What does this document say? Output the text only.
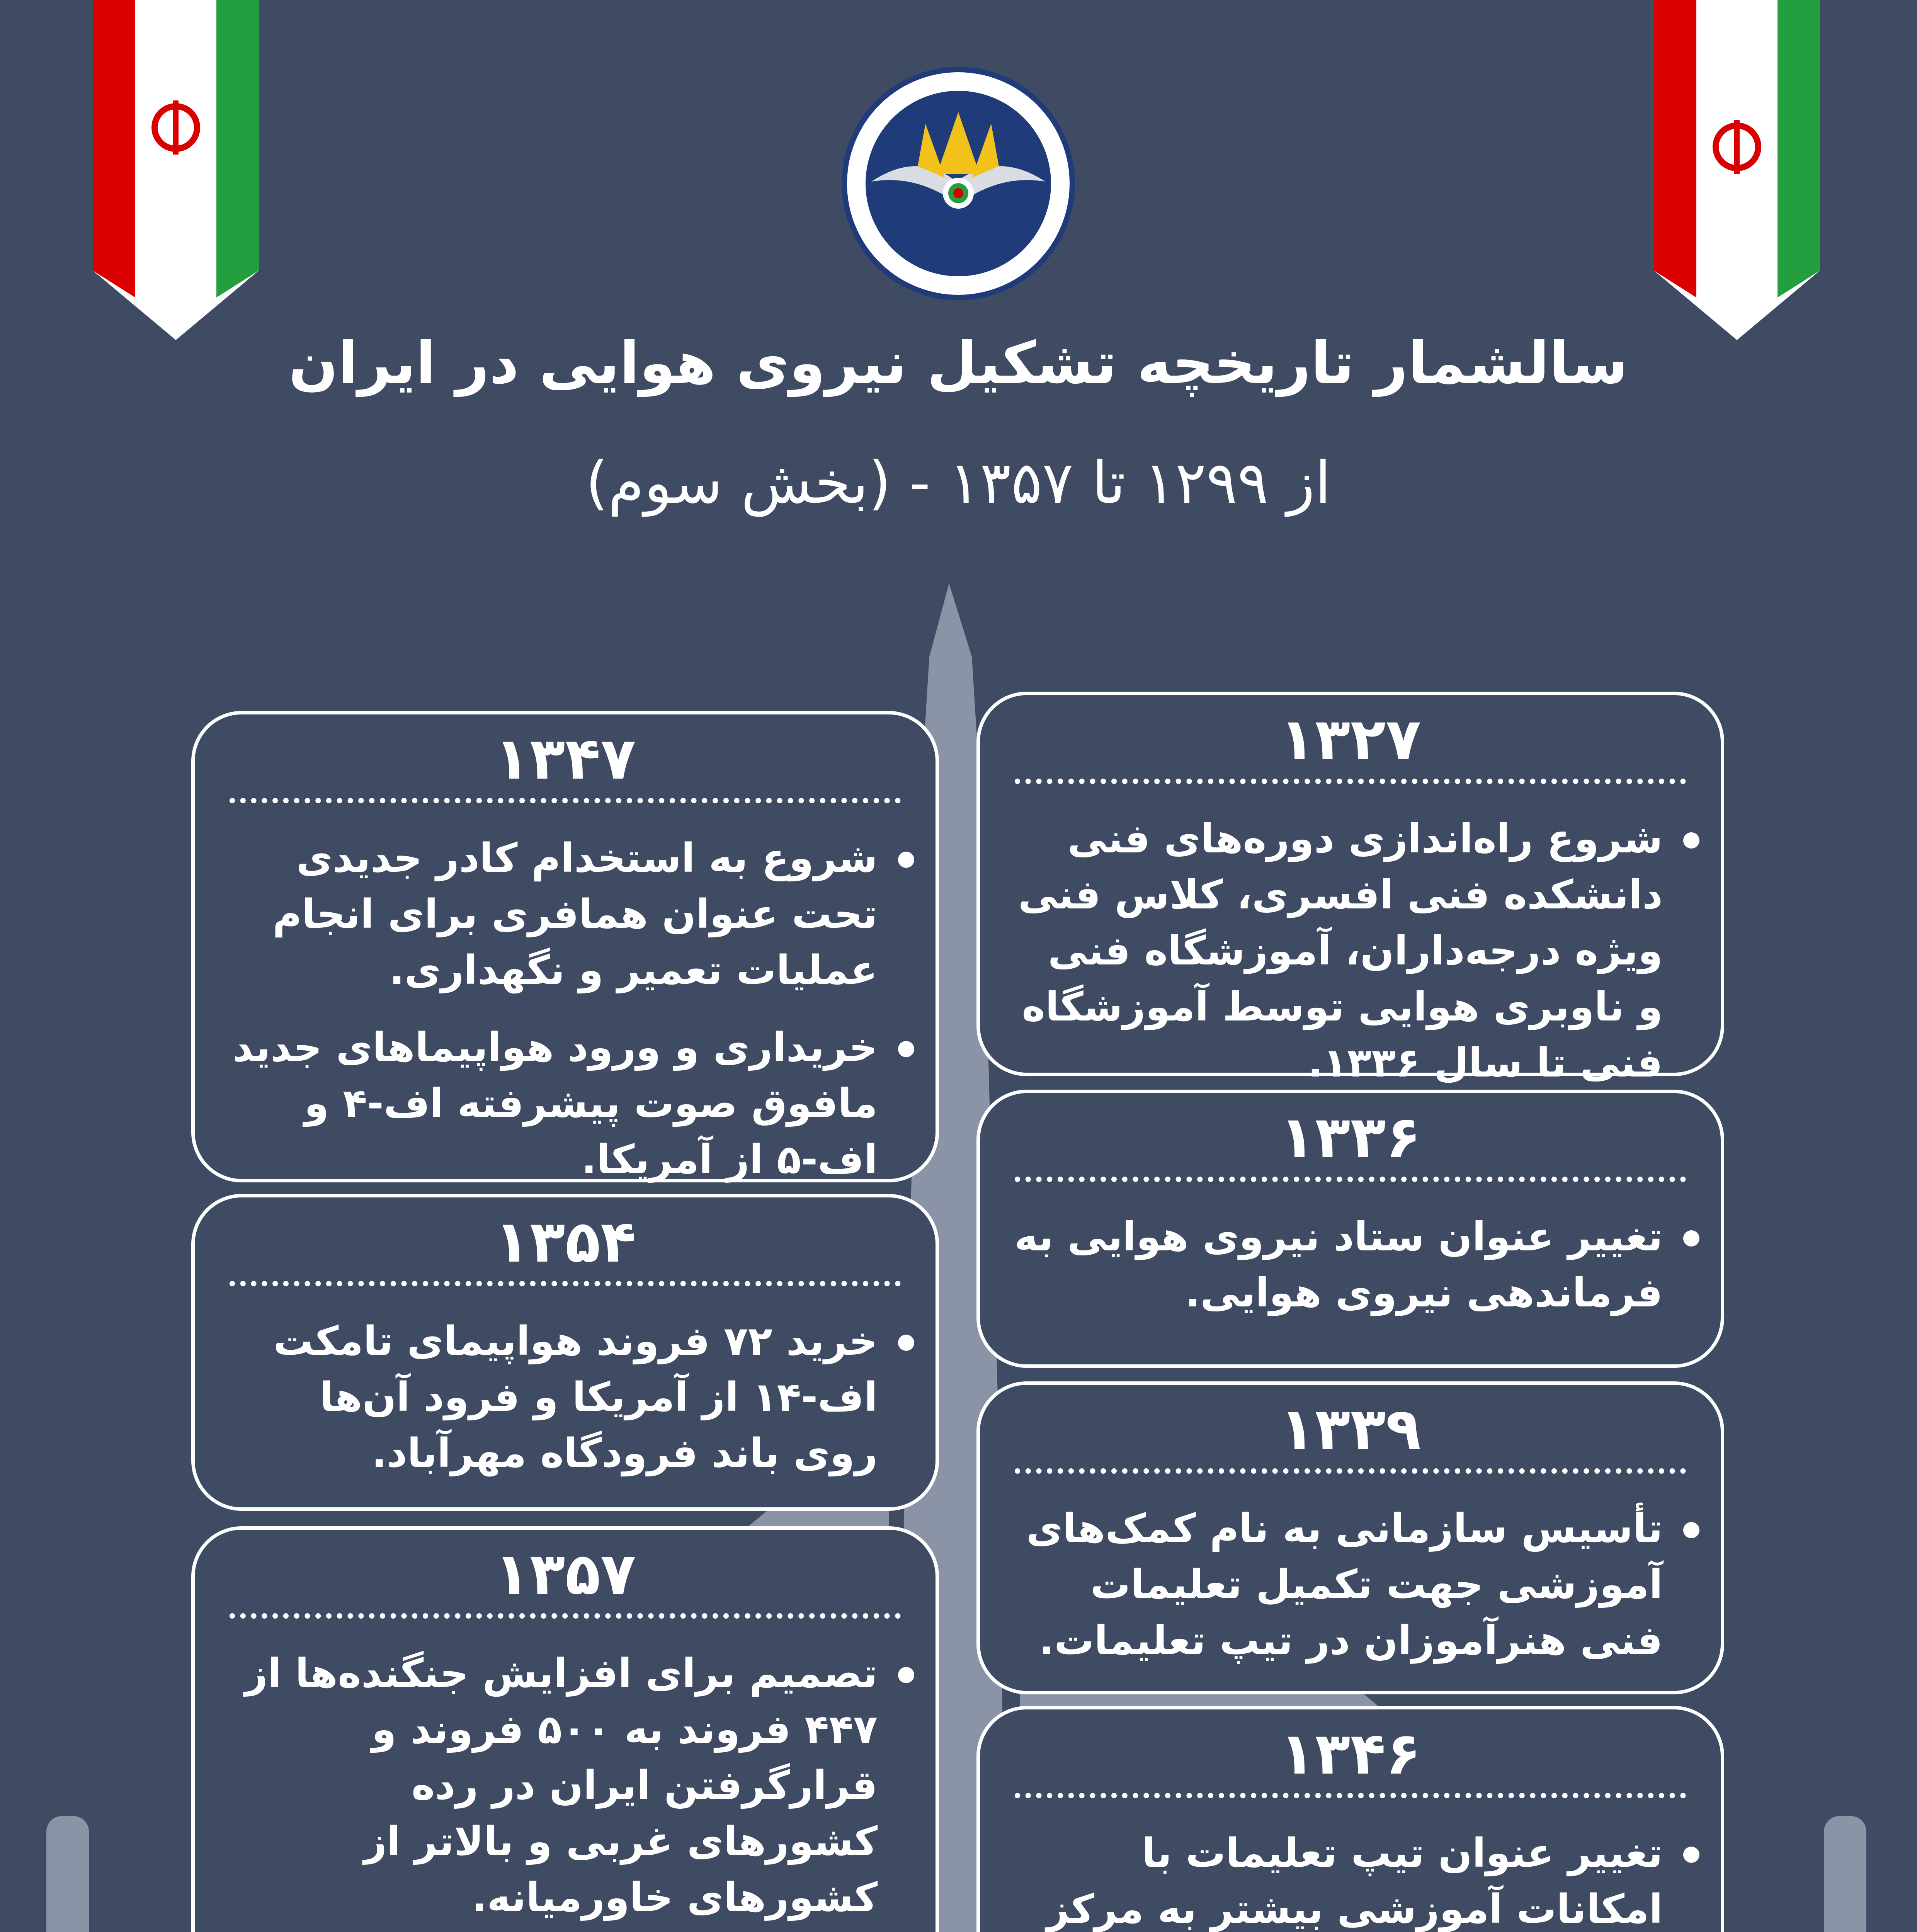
سالشمار تاریخچه تشکیل نیروی هوایی در ایران
از ۱۲۹۹ تا ۱۳۵۷ - (بخش سوم)
۱۳۲۷
شروع راه‌اندازی دوره‌های فنی دانشکده فنی افسری، کلاس فنی ویژه درجه‌داران، آموزشگاه فنی و ناوبری هوایی توسط آموزشگاه فنی تا سال ۱۳۳۶.
۱۳۳۶
تغییر عنوان ستاد نیروی هوایی به فرماندهی نیروی هوایی.
۱۳۳۹
تأسیس سازمانی به نام کمک‌های آموزشی جهت تکمیل تعلیمات فنی هنرآموزان در تیپ تعلیمات.
۱۳۴۶
تغییر عنوان تیپ تعلیمات با امکانات آموزشی بیشتر به مرکز
۱۳۴۷
شروع به استخدام کادر جدیدی تحت عنوان همافری برای انجام عملیات تعمیر و نگهداری.
خریداری و ورود هواپیماهای جدید مافوق صوت پیشرفته اف-۴ و اف-۵ از آمریکا.
۱۳۵۴
خرید ۷۲ فروند هواپیمای تامکت اف-۱۴ از آمریکا و فرود آن‌ها روی باند فرودگاه مهرآباد.
۱۳۵۷
تصمیم برای افزایش جنگنده‌ها از ۴۴۷ فروند به ۵۰۰ فروند و قرارگرفتن ایران در رده کشورهای غربی و بالاتر از کشورهای خاورمیانه.
